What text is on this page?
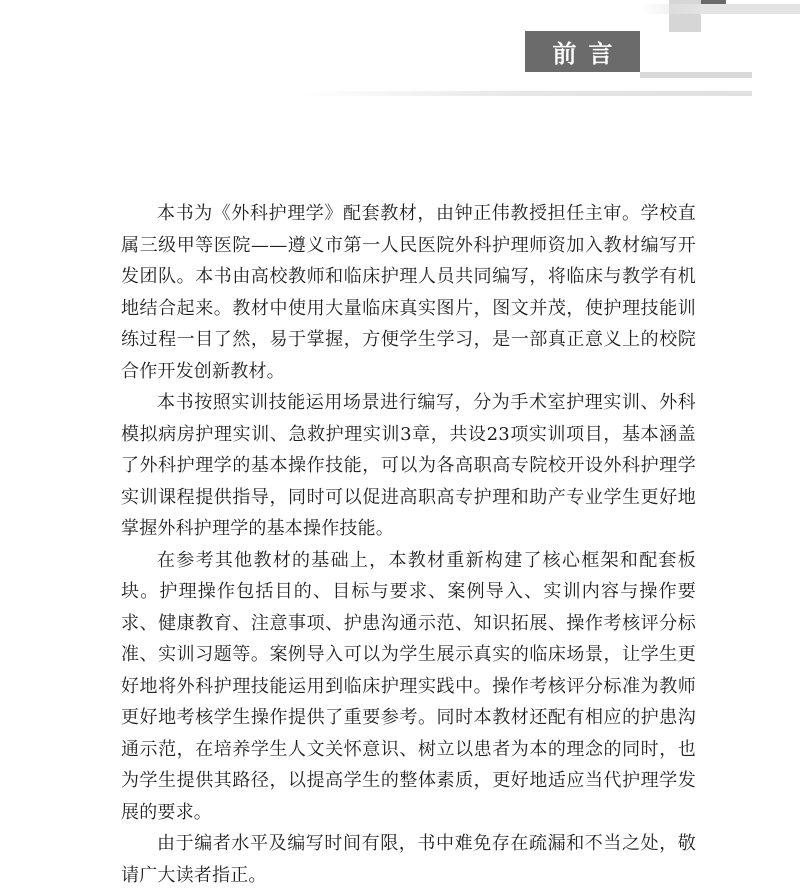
前言

本书为《外科护理学》配套教材，由钟正伟教授担任主审。学校直属三级甲等医院——遵义市第一人民医院外科护理师资加入教材编写开发团队。本书由高校教师和临床护理人员共同编写，将临床与教学有机地结合起来。教材中使用大量临床真实图片，图文并茂，使护理技能训练过程一目了然，易于掌握，方便学生学习，是一部真正意义上的校院合作开发创新教材。

本书按照实训技能运用场景进行编写，分为手术室护理实训、外科模拟病房护理实训、急救护理实训3章，共设23项实训项目，基本涵盖了外科护理学的基本操作技能，可以为各高职高专院校开设外科护理学实训课程提供指导，同时可以促进高职高专护理和助产专业学生更好地掌握外科护理学的基本操作技能。

在参考其他教材的基础上，本教材重新构建了核心框架和配套板块。护理操作包括目的、目标与要求、案例导入、实训内容与操作要求、健康教育、注意事项、护患沟通示范、知识拓展、操作考核评分标准、实训习题等。案例导入可以为学生展示真实的临床场景，让学生更好地将外科护理技能运用到临床护理实践中。操作考核评分标准为教师更好地考核学生操作提供了重要参考。同时本教材还配有相应的护患沟通示范，在培养学生人文关怀意识、树立以患者为本的理念的同时，也为学生提供其路径，以提高学生的整体素质，更好地适应当代护理学发展的要求。

由于编者水平及编写时间有限，书中难免存在疏漏和不当之处，敬请广大读者指正。
